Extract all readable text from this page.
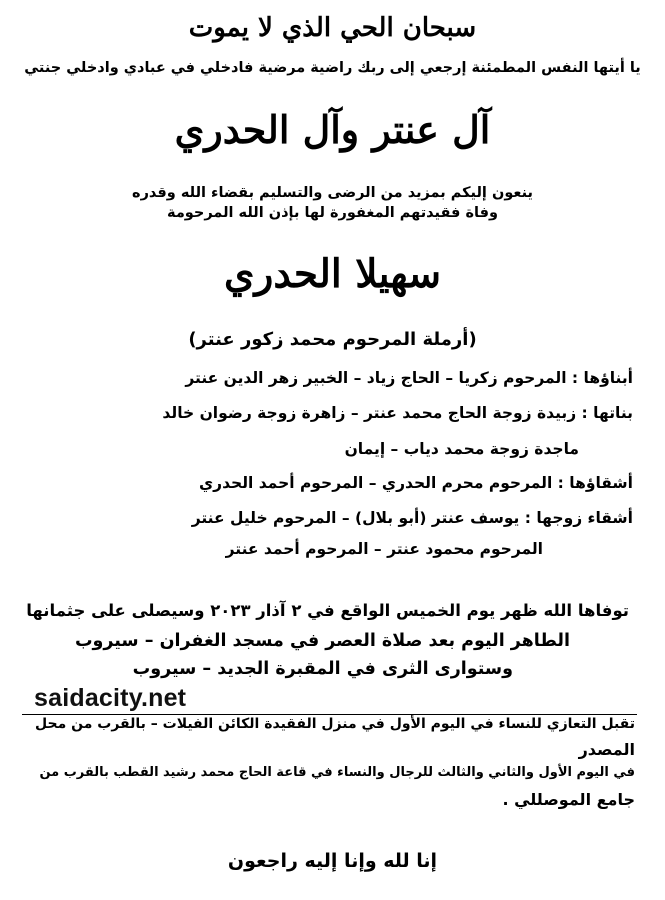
سبحان الحي الذي لا يموت
يا أيتها النفس المطمئنة إرجعي إلى ربك راضية مرضية فادخلي في عبادي وادخلي جنتي
آل عنتر وآل الحدري
ينعون إليكم بمزيد من الرضى والتسليم بقضاء الله وقدره
وفاة فقيدتهم المغفورة لها بإذن الله المرحومة
سهيلا الحدري
(أرملة المرحوم محمد زكور عنتر)
أبناؤها : المرحوم زكريا – الحاج زياد – الخبير زهر الدين عنتر
بناتها : زبيدة زوجة الحاج محمد عنتر – زاهرة زوجة رضوان خالد
ماجدة زوجة محمد دياب – إيمان
أشقاؤها : المرحوم محرم الحدري – المرحوم أحمد الحدري
أشقاء زوجها : يوسف عنتر (أبو بلال) – المرحوم خليل عنتر
المرحوم محمود عنتر – المرحوم أحمد عنتر
توفاها الله ظهر يوم الخميس الواقع في ٢ آذار ٢٠٢٣ وسيصلى على جثمانها
الطاهر اليوم بعد صلاة العصر في مسجد الغفران – سيروب
وستوارى الثرى في المقبرة الجديد – سيروب
saidacity.net
تقبل التعازي للنساء في اليوم الأول في منزل الفقيدة الكائن الفيلات – بالقرب من محل
المصدر
في اليوم الأول والثاني والثالث للرجال والنساء في قاعة الحاج محمد رشيد القطب بالقرب من
جامع الموصللي .
إنا لله وإنا إليه راجعون
